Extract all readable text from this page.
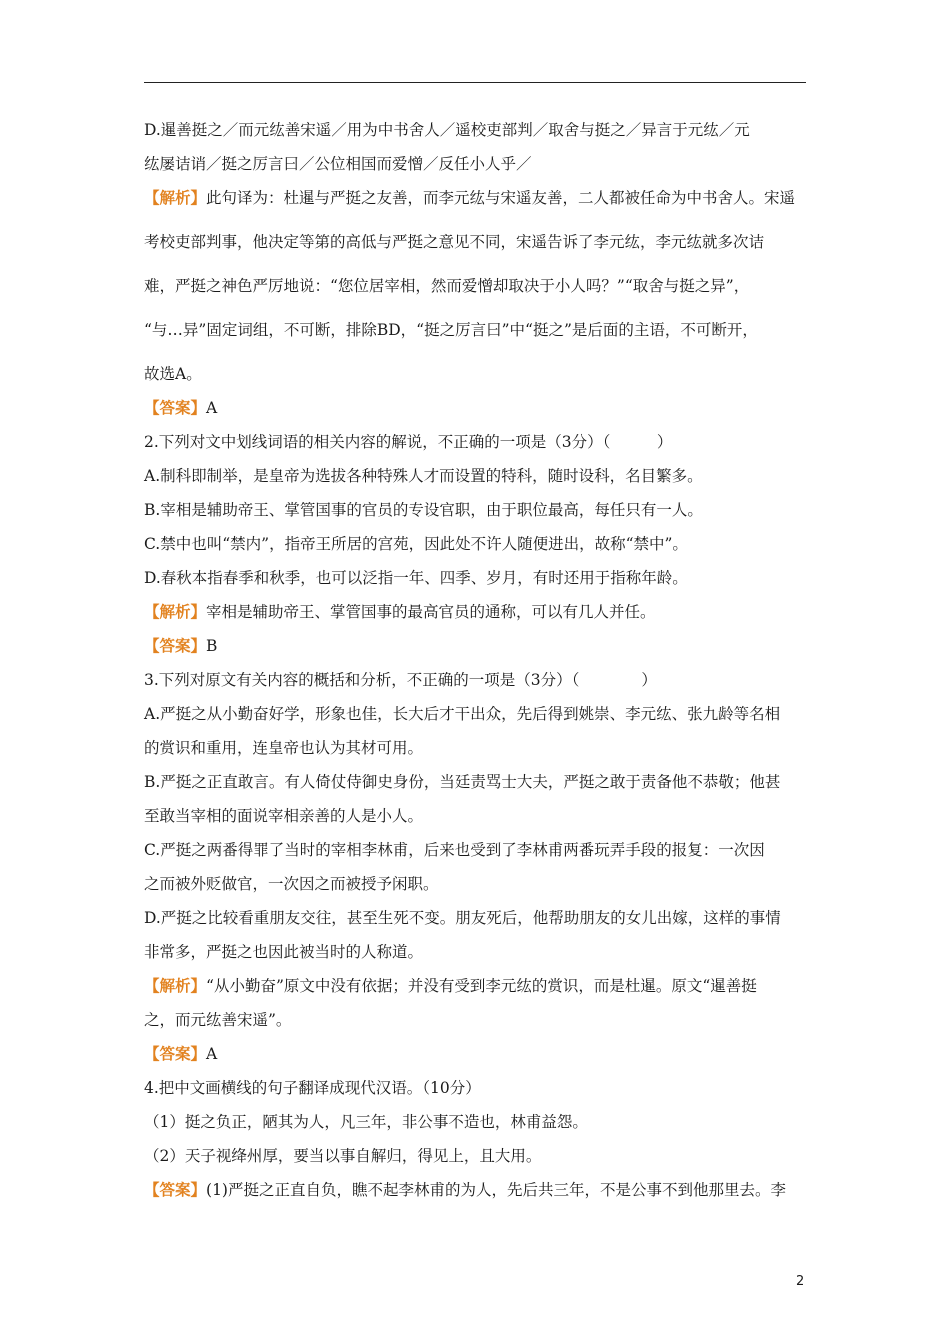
D.暹善挺之／而元纮善宋遥／用为中书舍人／遥校吏部判／取舍与挺之／异言于元纮／元

纮屡诘诮／挺之厉言曰／公位相国而爱憎／反任小人乎／

【解析】此句译为：杜暹与严挺之友善，而李元纮与宋遥友善，二人都被任命为中书舍人。宋遥

考校吏部判事，他决定等第的高低与严挺之意见不同，宋遥告诉了李元纮，李元纮就多次诘

难，严挺之神色严厉地说：“您位居宰相，然而爱憎却取决于小人吗？”“取舍与挺之异”，

“与…异”固定词组，不可断，排除BD，“挺之厉言曰”中“挺之”是后面的主语，不可断开，

故选A。

【答案】A

2.下列对文中划线词语的相关内容的解说，不正确的一项是（3分）（　　　）

A.制科即制举，是皇帝为选拔各种特殊人才而设置的特科，随时设科，名目繁多。

B.宰相是辅助帝王、掌管国事的官员的专设官职，由于职位最高，每任只有一人。

C.禁中也叫“禁内”，指帝王所居的宫苑，因此处不许人随便进出，故称“禁中”。

D.春秋本指春季和秋季，也可以泛指一年、四季、岁月，有时还用于指称年龄。

【解析】宰相是辅助帝王、掌管国事的最高官员的通称，可以有几人并任。

【答案】B

3.下列对原文有关内容的概括和分析，不正确的一项是（3分）（　　　　）

A.严挺之从小勤奋好学，形象也佳，长大后才干出众，先后得到姚崇、李元纮、张九龄等名相

的赏识和重用，连皇帝也认为其材可用。

B.严挺之正直敢言。有人倚仗侍御史身份，当廷责骂士大夫，严挺之敢于责备他不恭敬；他甚

至敢当宰相的面说宰相亲善的人是小人。

C.严挺之两番得罪了当时的宰相李林甫，后来也受到了李林甫两番玩弄手段的报复：一次因

之而被外贬做官，一次因之而被授予闲职。

D.严挺之比较看重朋友交往，甚至生死不变。朋友死后，他帮助朋友的女儿出嫁，这样的事情

非常多，严挺之也因此被当时的人称道。

【解析】“从小勤奋”原文中没有依据；并没有受到李元纮的赏识，而是杜暹。原文“暹善挺

之，而元纮善宋遥”。

【答案】A

4.把中文画横线的句子翻译成现代汉语。（10分）

（1）挺之负正，陋其为人，凡三年，非公事不造也，林甫益怨。

（2）天子视绛州厚，要当以事自解归，得见上，且大用。

【答案】(1)严挺之正直自负，瞧不起李林甫的为人，先后共三年，不是公事不到他那里去。李

2
